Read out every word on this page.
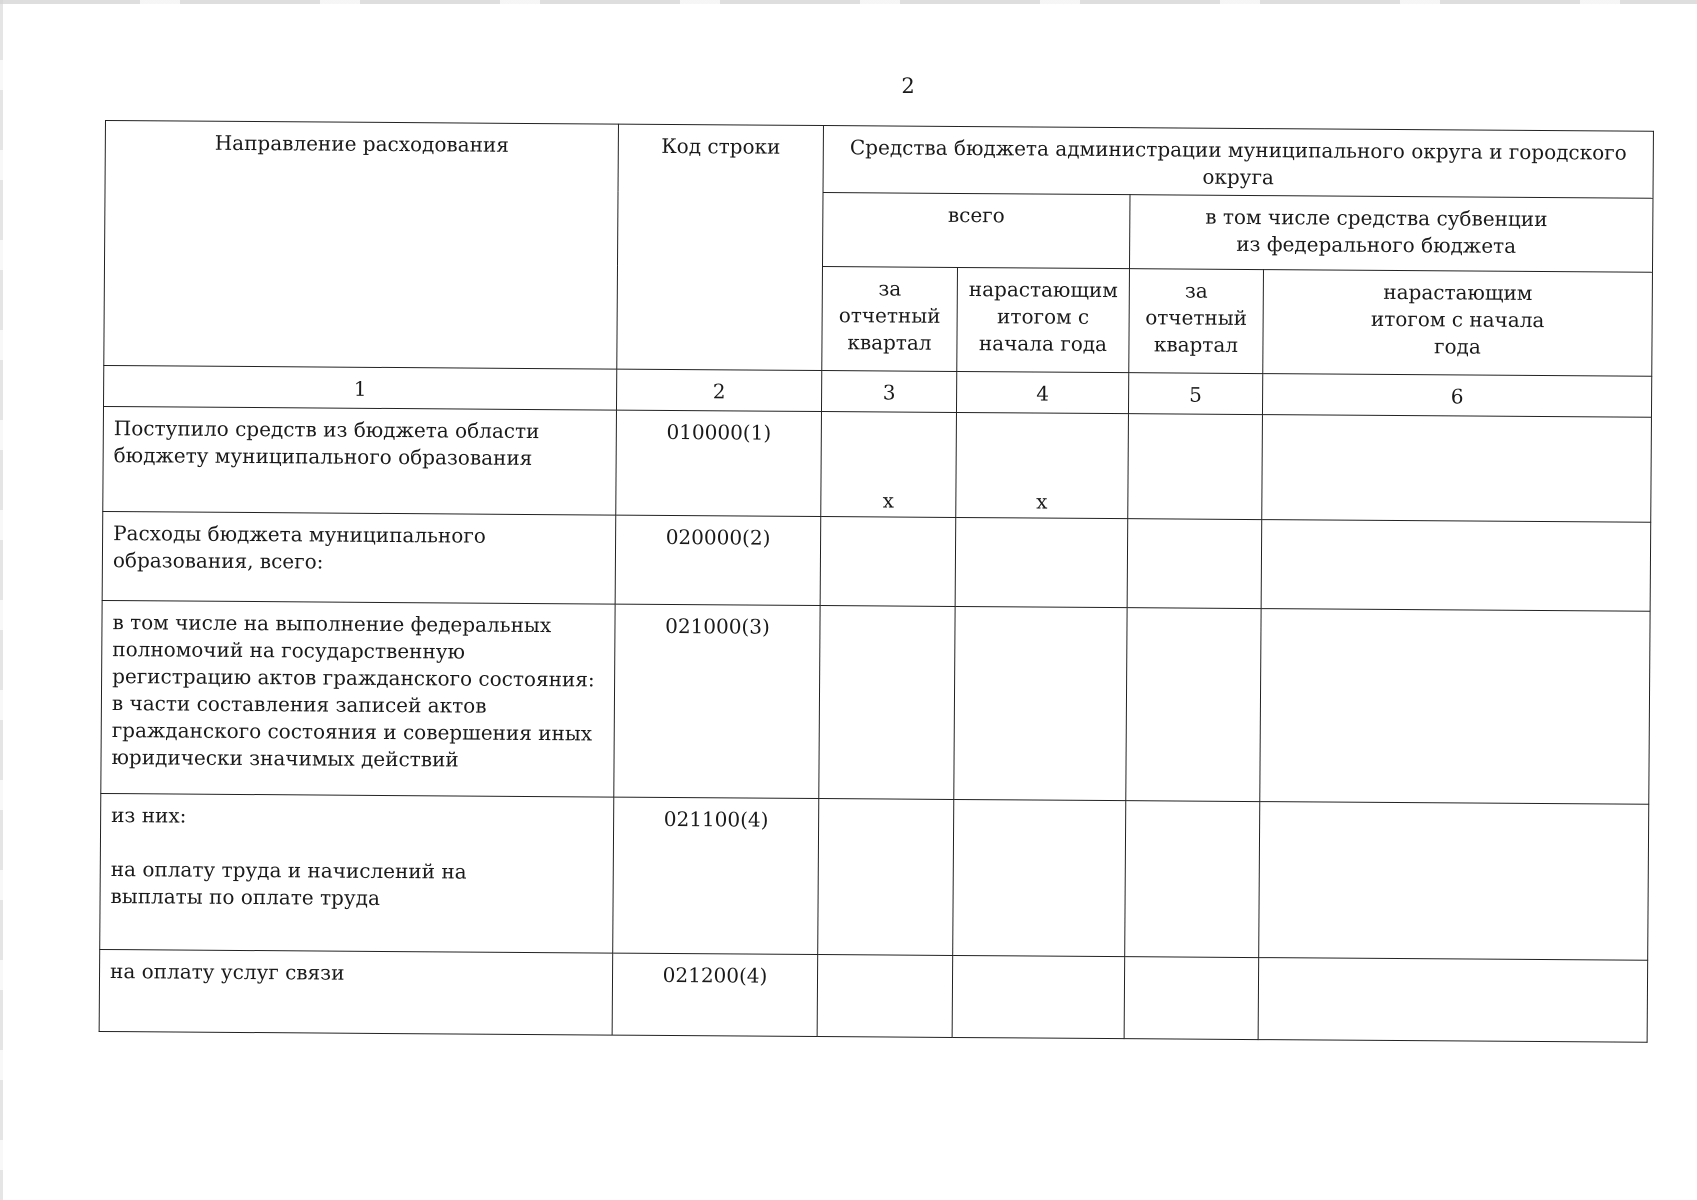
2
Направление расходования	Код строки	Средства бюджета администрации муниципального округа и городского округа			
		всего		в том числе средства субвенции из федерального бюджета	
		за отчетный квартал	нарастающим итогом с начала года	за отчетный квартал	нарастающим итогом с начала года
1	2	3	4	5	6
Поступило средств из бюджета области бюджету муниципального образования	010000(1)	x	x		
Расходы бюджета муниципального образования, всего:	020000(2)				

в том числе на выполнение федеральных полномочий на государственную регистрацию актов гражданского состояния:
в части составления записей актов гражданского состояния и совершения иных юридически значимых действий	021000(3)				

из них:
на оплату труда и начислений на выплаты по оплате труда	021100(4)				
на оплату услуг связи	021200(4)				
